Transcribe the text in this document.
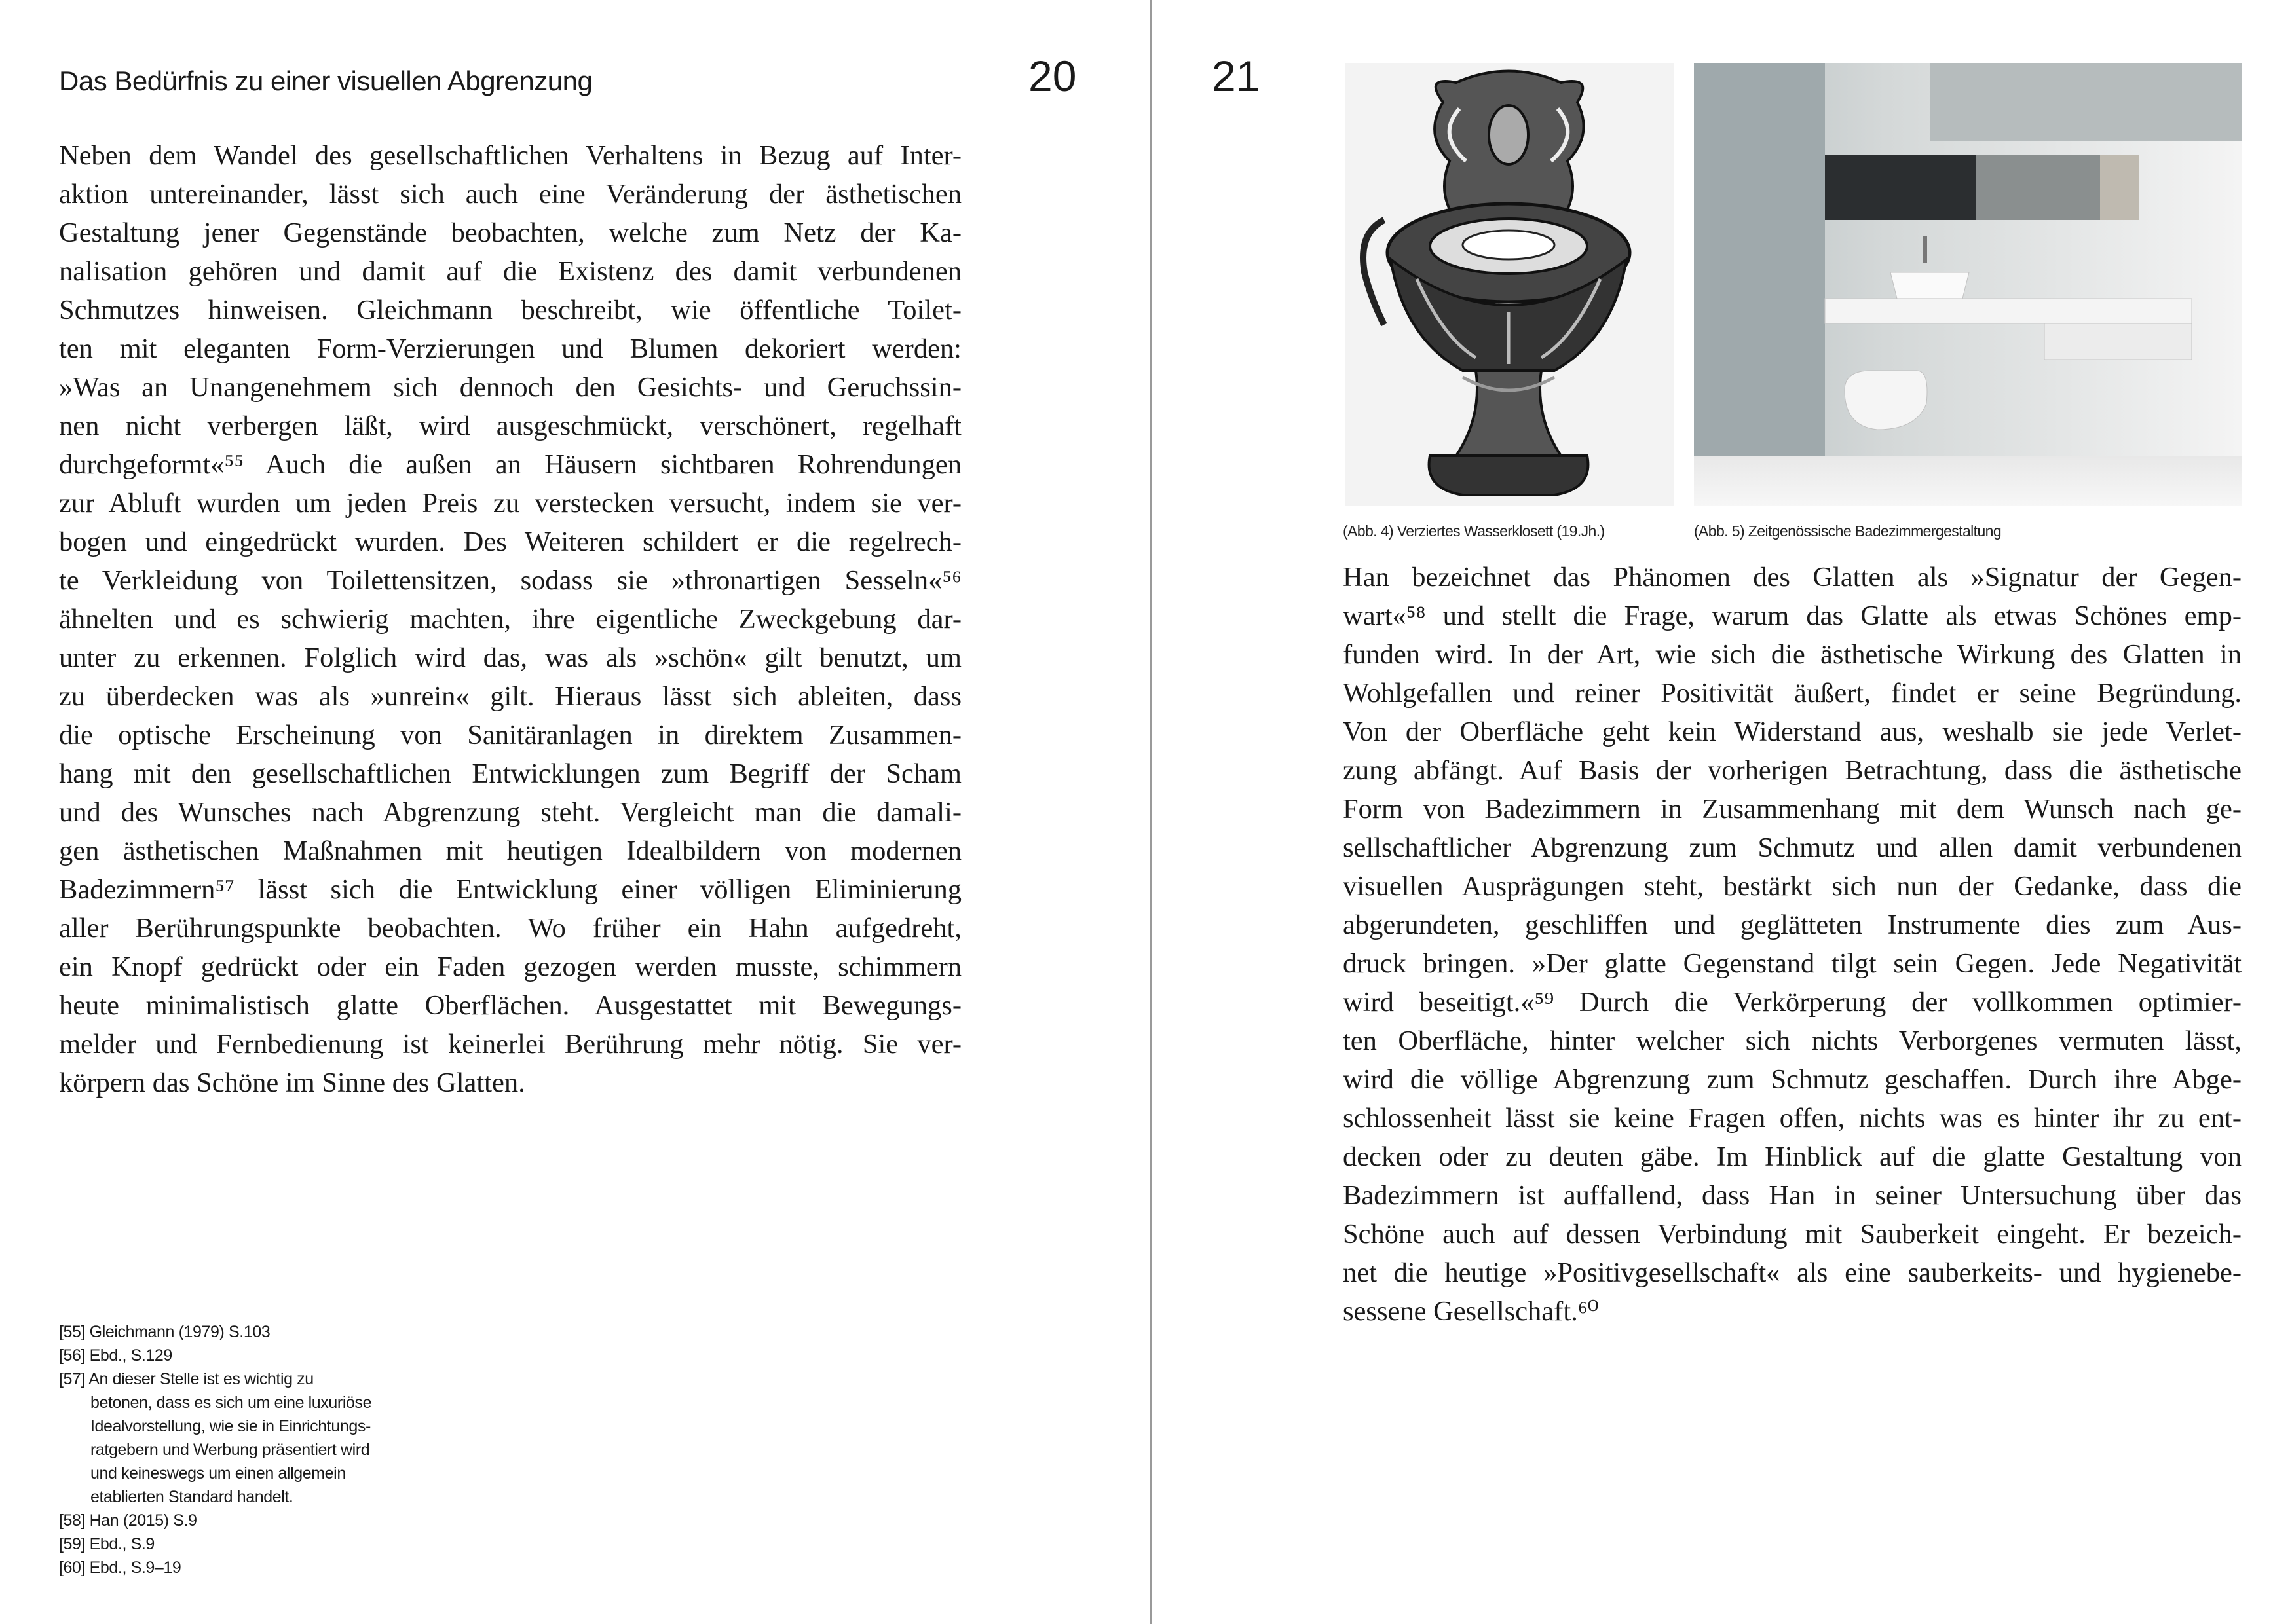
Das Bedürfnis zu einer visuellen Abgrenzung	20	21
Neben dem Wandel des gesellschaftlichen Verhaltens in Bezug auf Inter-
aktion untereinander, lässt sich auch eine Veränderung der ästhetischen
Gestaltung jener Gegenstände beobachten, welche zum Netz der Ka-
nalisation gehören und damit auf die Existenz des damit verbundenen
Schmutzes hinweisen. Gleichmann beschreibt, wie öffentliche Toilet-
ten mit eleganten Form-Verzierungen und Blumen dekoriert werden:
»Was an Unangenehmem sich dennoch den Gesichts- und Geruchssin-
nen nicht verbergen läßt, wird ausgeschmückt, verschönert, regelhaft
durchgeformt«⁵⁵ Auch die außen an Häusern sichtbaren Rohrendungen
zur Abluft wurden um jeden Preis zu verstecken versucht, indem sie ver-
bogen und eingedrückt wurden. Des Weiteren schildert er die regelrech-
te Verkleidung von Toilettensitzen, sodass sie »thronartigen Sesseln«⁵⁶
ähnelten und es schwierig machten, ihre eigentliche Zweckgebung dar-
unter zu erkennen. Folglich wird das, was als »schön« gilt benutzt, um
zu überdecken was als »unrein« gilt. Hieraus lässt sich ableiten, dass
die optische Erscheinung von Sanitäranlagen in direktem Zusammen-
hang mit den gesellschaftlichen Entwicklungen zum Begriff der Scham
und des Wunsches nach Abgrenzung steht. Vergleicht man die damali-
gen ästhetischen Maßnahmen mit heutigen Idealbildern von modernen
Badezimmern⁵⁷ lässt sich die Entwicklung einer völligen Eliminierung
aller Berührungspunkte beobachten. Wo früher ein Hahn aufgedreht,
ein Knopf gedrückt oder ein Faden gezogen werden musste, schimmern
heute minimalistisch glatte Oberflächen. Ausgestattet mit Bewegungs-
melder und Fernbedienung ist keinerlei Berührung mehr nötig. Sie ver-
körpern das Schöne im Sinne des Glatten.
[55] Gleichmann (1979) S.103
[56] Ebd., S.129
[57] An dieser Stelle ist es wichtig zu
betonen, dass es sich um eine luxuriöse
Idealvorstellung, wie sie in Einrichtungs-
ratgebern und Werbung präsentiert wird
und keineswegs um einen allgemein
etablierten Standard handelt.
[58] Han (2015) S.9
[59] Ebd., S.9
[60] Ebd., S.9–19
(Abb. 4) Verziertes Wasserklosett (19.Jh.)	(Abb. 5) Zeitgenössische Badezimmergestaltung
Han bezeichnet das Phänomen des Glatten als »Signatur der Gegen-
wart«⁵⁸ und stellt die Frage, warum das Glatte als etwas Schönes emp-
funden wird. In der Art, wie sich die ästhetische Wirkung des Glatten in
Wohlgefallen und reiner Positivität äußert, findet er seine Begründung.
Von der Oberfläche geht kein Widerstand aus, weshalb sie jede Verlet-
zung abfängt. Auf Basis der vorherigen Betrachtung, dass die ästhetische
Form von Badezimmern in Zusammenhang mit dem Wunsch nach ge-
sellschaftlicher Abgrenzung zum Schmutz und allen damit verbundenen
visuellen Ausprägungen steht, bestärkt sich nun der Gedanke, dass die
abgerundeten, geschliffen und geglätteten Instrumente dies zum Aus-
druck bringen. »Der glatte Gegenstand tilgt sein Gegen. Jede Negativität
wird beseitigt.«⁵⁹ Durch die Verkörperung der vollkommen optimier-
ten Oberfläche, hinter welcher sich nichts Verborgenes vermuten lässt,
wird die völlige Abgrenzung zum Schmutz geschaffen. Durch ihre Abge-
schlossenheit lässt sie keine Fragen offen, nichts was es hinter ihr zu ent-
decken oder zu deuten gäbe. Im Hinblick auf die glatte Gestaltung von
Badezimmern ist auffallend, dass Han in seiner Untersuchung über das
Schöne auch auf dessen Verbindung mit Sauberkeit eingeht. Er bezeich-
net die heutige »Positivgesellschaft« als eine sauberkeits- und hygienebe-
sessene Gesellschaft.⁶⁰
